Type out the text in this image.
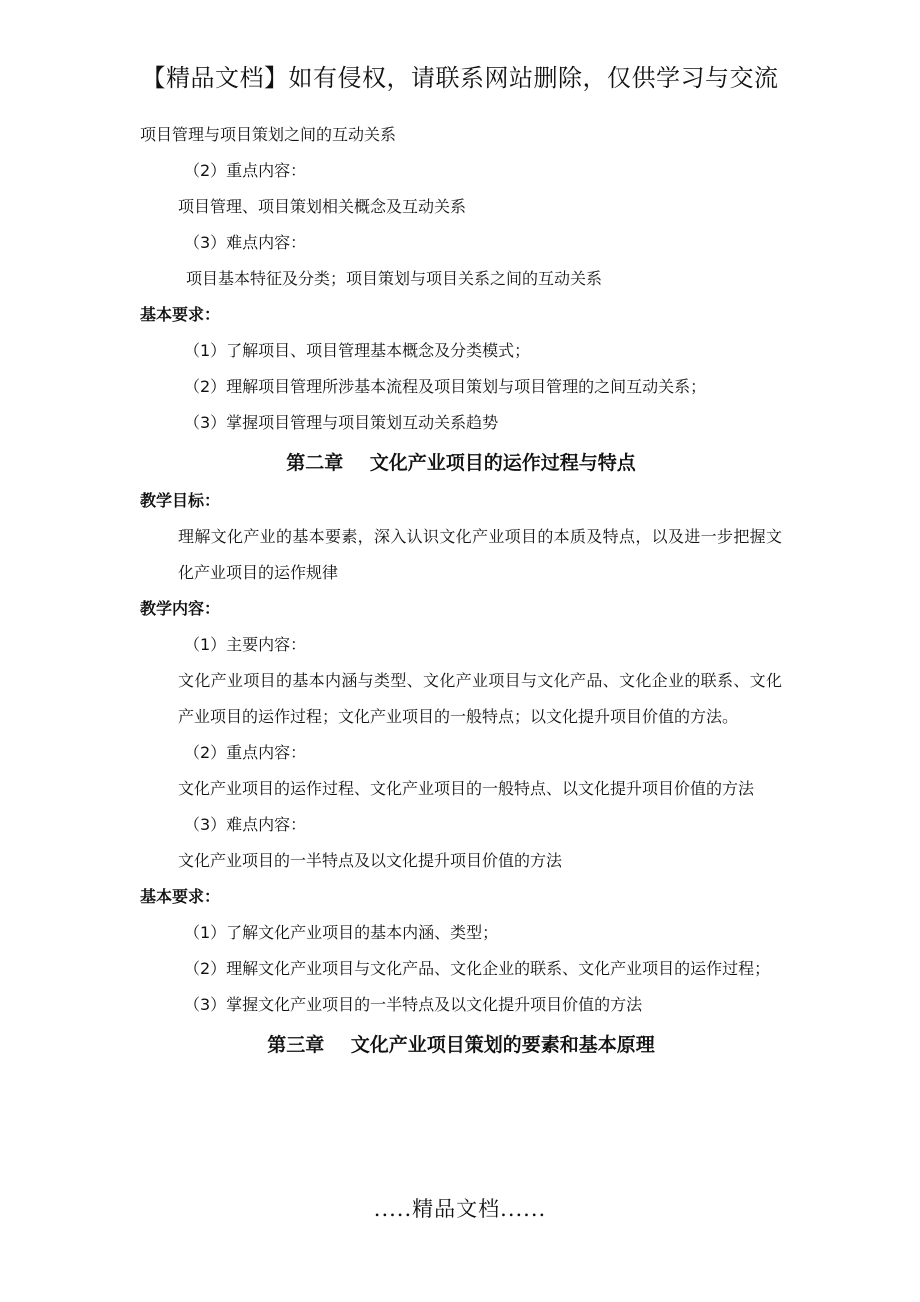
【精品文档】如有侵权，请联系网站删除，仅供学习与交流
项目管理与项目策划之间的互动关系
（2）重点内容：
项目管理、项目策划相关概念及互动关系
（3）难点内容：
项目基本特征及分类；项目策划与项目关系之间的互动关系
基本要求：
（1）了解项目、项目管理基本概念及分类模式；
（2）理解项目管理所涉基本流程及项目策划与项目管理的之间互动关系；
（3）掌握项目管理与项目策划互动关系趋势
第二章    文化产业项目的运作过程与特点
教学目标：
理解文化产业的基本要素，深入认识文化产业项目的本质及特点，以及进一步把握文化产业项目的运作规律
教学内容：
（1）主要内容：
文化产业项目的基本内涵与类型、文化产业项目与文化产品、文化企业的联系、文化产业项目的运作过程；文化产业项目的一般特点；以文化提升项目价值的方法。
（2）重点内容：
文化产业项目的运作过程、文化产业项目的一般特点、以文化提升项目价值的方法
（3）难点内容：
文化产业项目的一半特点及以文化提升项目价值的方法
基本要求：
（1）了解文化产业项目的基本内涵、类型；
（2）理解文化产业项目与文化产品、文化企业的联系、文化产业项目的运作过程；
（3）掌握文化产业项目的一半特点及以文化提升项目价值的方法
第三章    文化产业项目策划的要素和基本原理
.....精品文档......
